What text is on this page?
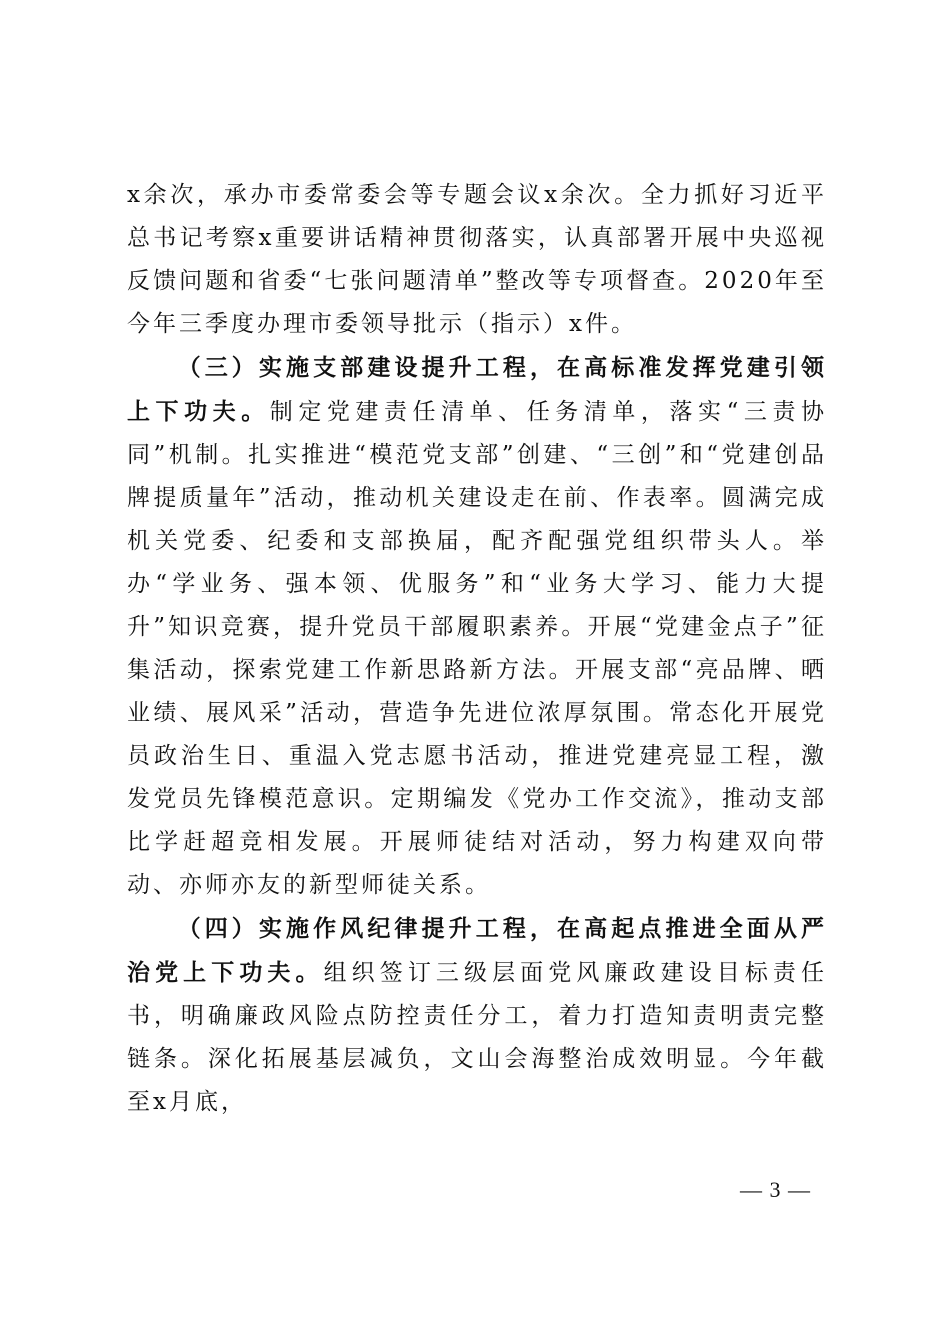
x余次，承办市委常委会等专题会议x余次。全力抓好习近平总书记考察x重要讲话精神贯彻落实，认真部署开展中央巡视反馈问题和省委“七张问题清单”整改等专项督查。2020年至今年三季度办理市委领导批示（指示）x件。

（三）实施支部建设提升工程，在高标准发挥党建引领上下功夫。制定党建责任清单、任务清单，落实“三责协同”机制。扎实推进“模范党支部”创建、“三创”和“党建创品牌提质量年”活动，推动机关建设走在前、作表率。圆满完成机关党委、纪委和支部换届，配齐配强党组织带头人。举办“学业务、强本领、优服务”和“业务大学习、能力大提升”知识竞赛，提升党员干部履职素养。开展“党建金点子”征集活动，探索党建工作新思路新方法。开展支部“亮品牌、晒业绩、展风采”活动，营造争先进位浓厚氛围。常态化开展党员政治生日、重温入党志愿书活动，推进党建亮显工程，激发党员先锋模范意识。定期编发《党办工作交流》，推动支部比学赶超竞相发展。开展师徒结对活动，努力构建双向带动、亦师亦友的新型师徒关系。

（四）实施作风纪律提升工程，在高起点推进全面从严治党上下功夫。组织签订三级层面党风廉政建设目标责任书，明确廉政风险点防控责任分工，着力打造知责明责完整链条。深化拓展基层减负，文山会海整治成效明显。今年截至x月底，

— 3 —
